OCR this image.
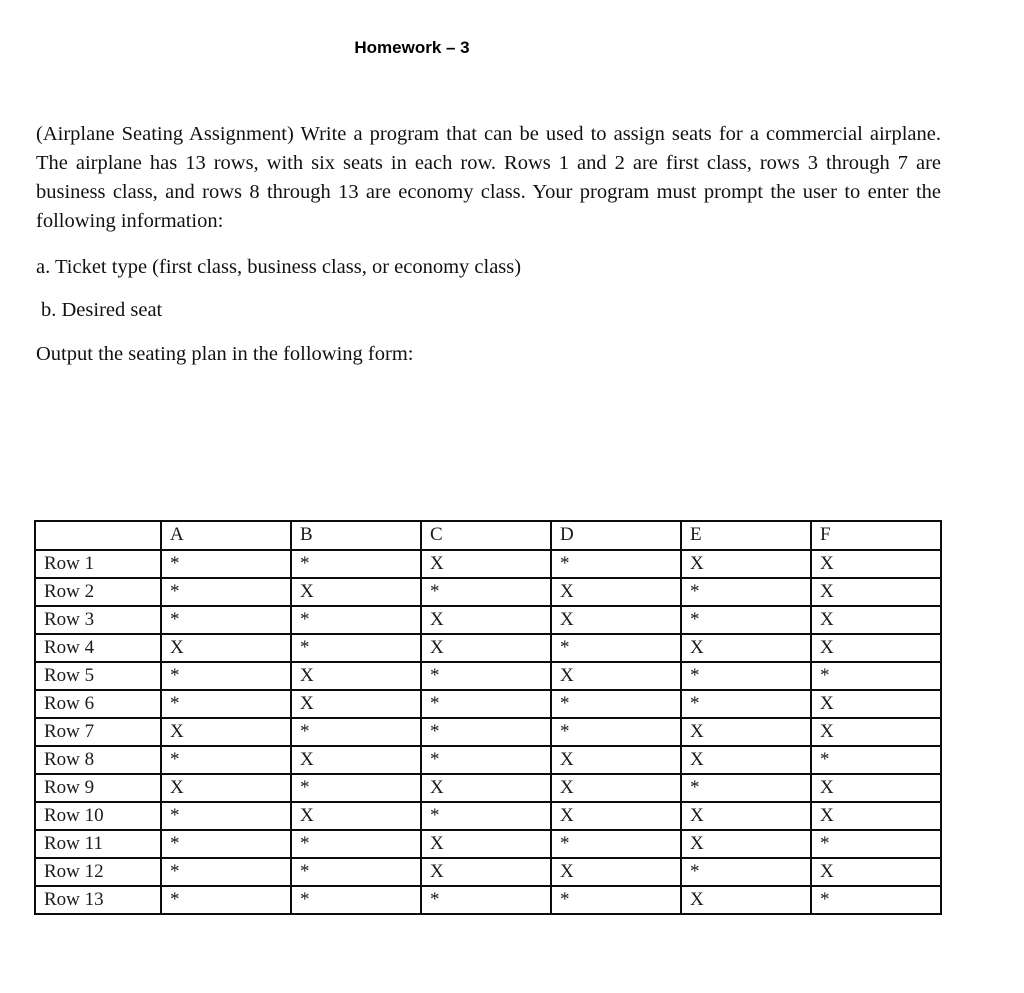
Homework – 3
(Airplane Seating Assignment) Write a program that can be used to assign seats for a commercial airplane. The airplane has 13 rows, with six seats in each row. Rows 1 and 2 are first class, rows 3 through 7 are business class, and rows 8 through 13 are economy class. Your program must prompt the user to enter the following information:
a. Ticket type (first class, business class, or economy class)
b. Desired seat
Output the seating plan in the following form:
	A	B	C	D	E	F
Row 1	*	*	X	*	X	X
Row 2	*	X	*	X	*	X
Row 3	*	*	X	X	*	X
Row 4	X	*	X	*	X	X
Row 5	*	X	*	X	*	*
Row 6	*	X	*	*	*	X
Row 7	X	*	*	*	X	X
Row 8	*	X	*	X	X	*
Row 9	X	*	X	X	*	X
Row 10	*	X	*	X	X	X
Row 11	*	*	X	*	X	*
Row 12	*	*	X	X	*	X
Row 13	*	*	*	*	X	*
